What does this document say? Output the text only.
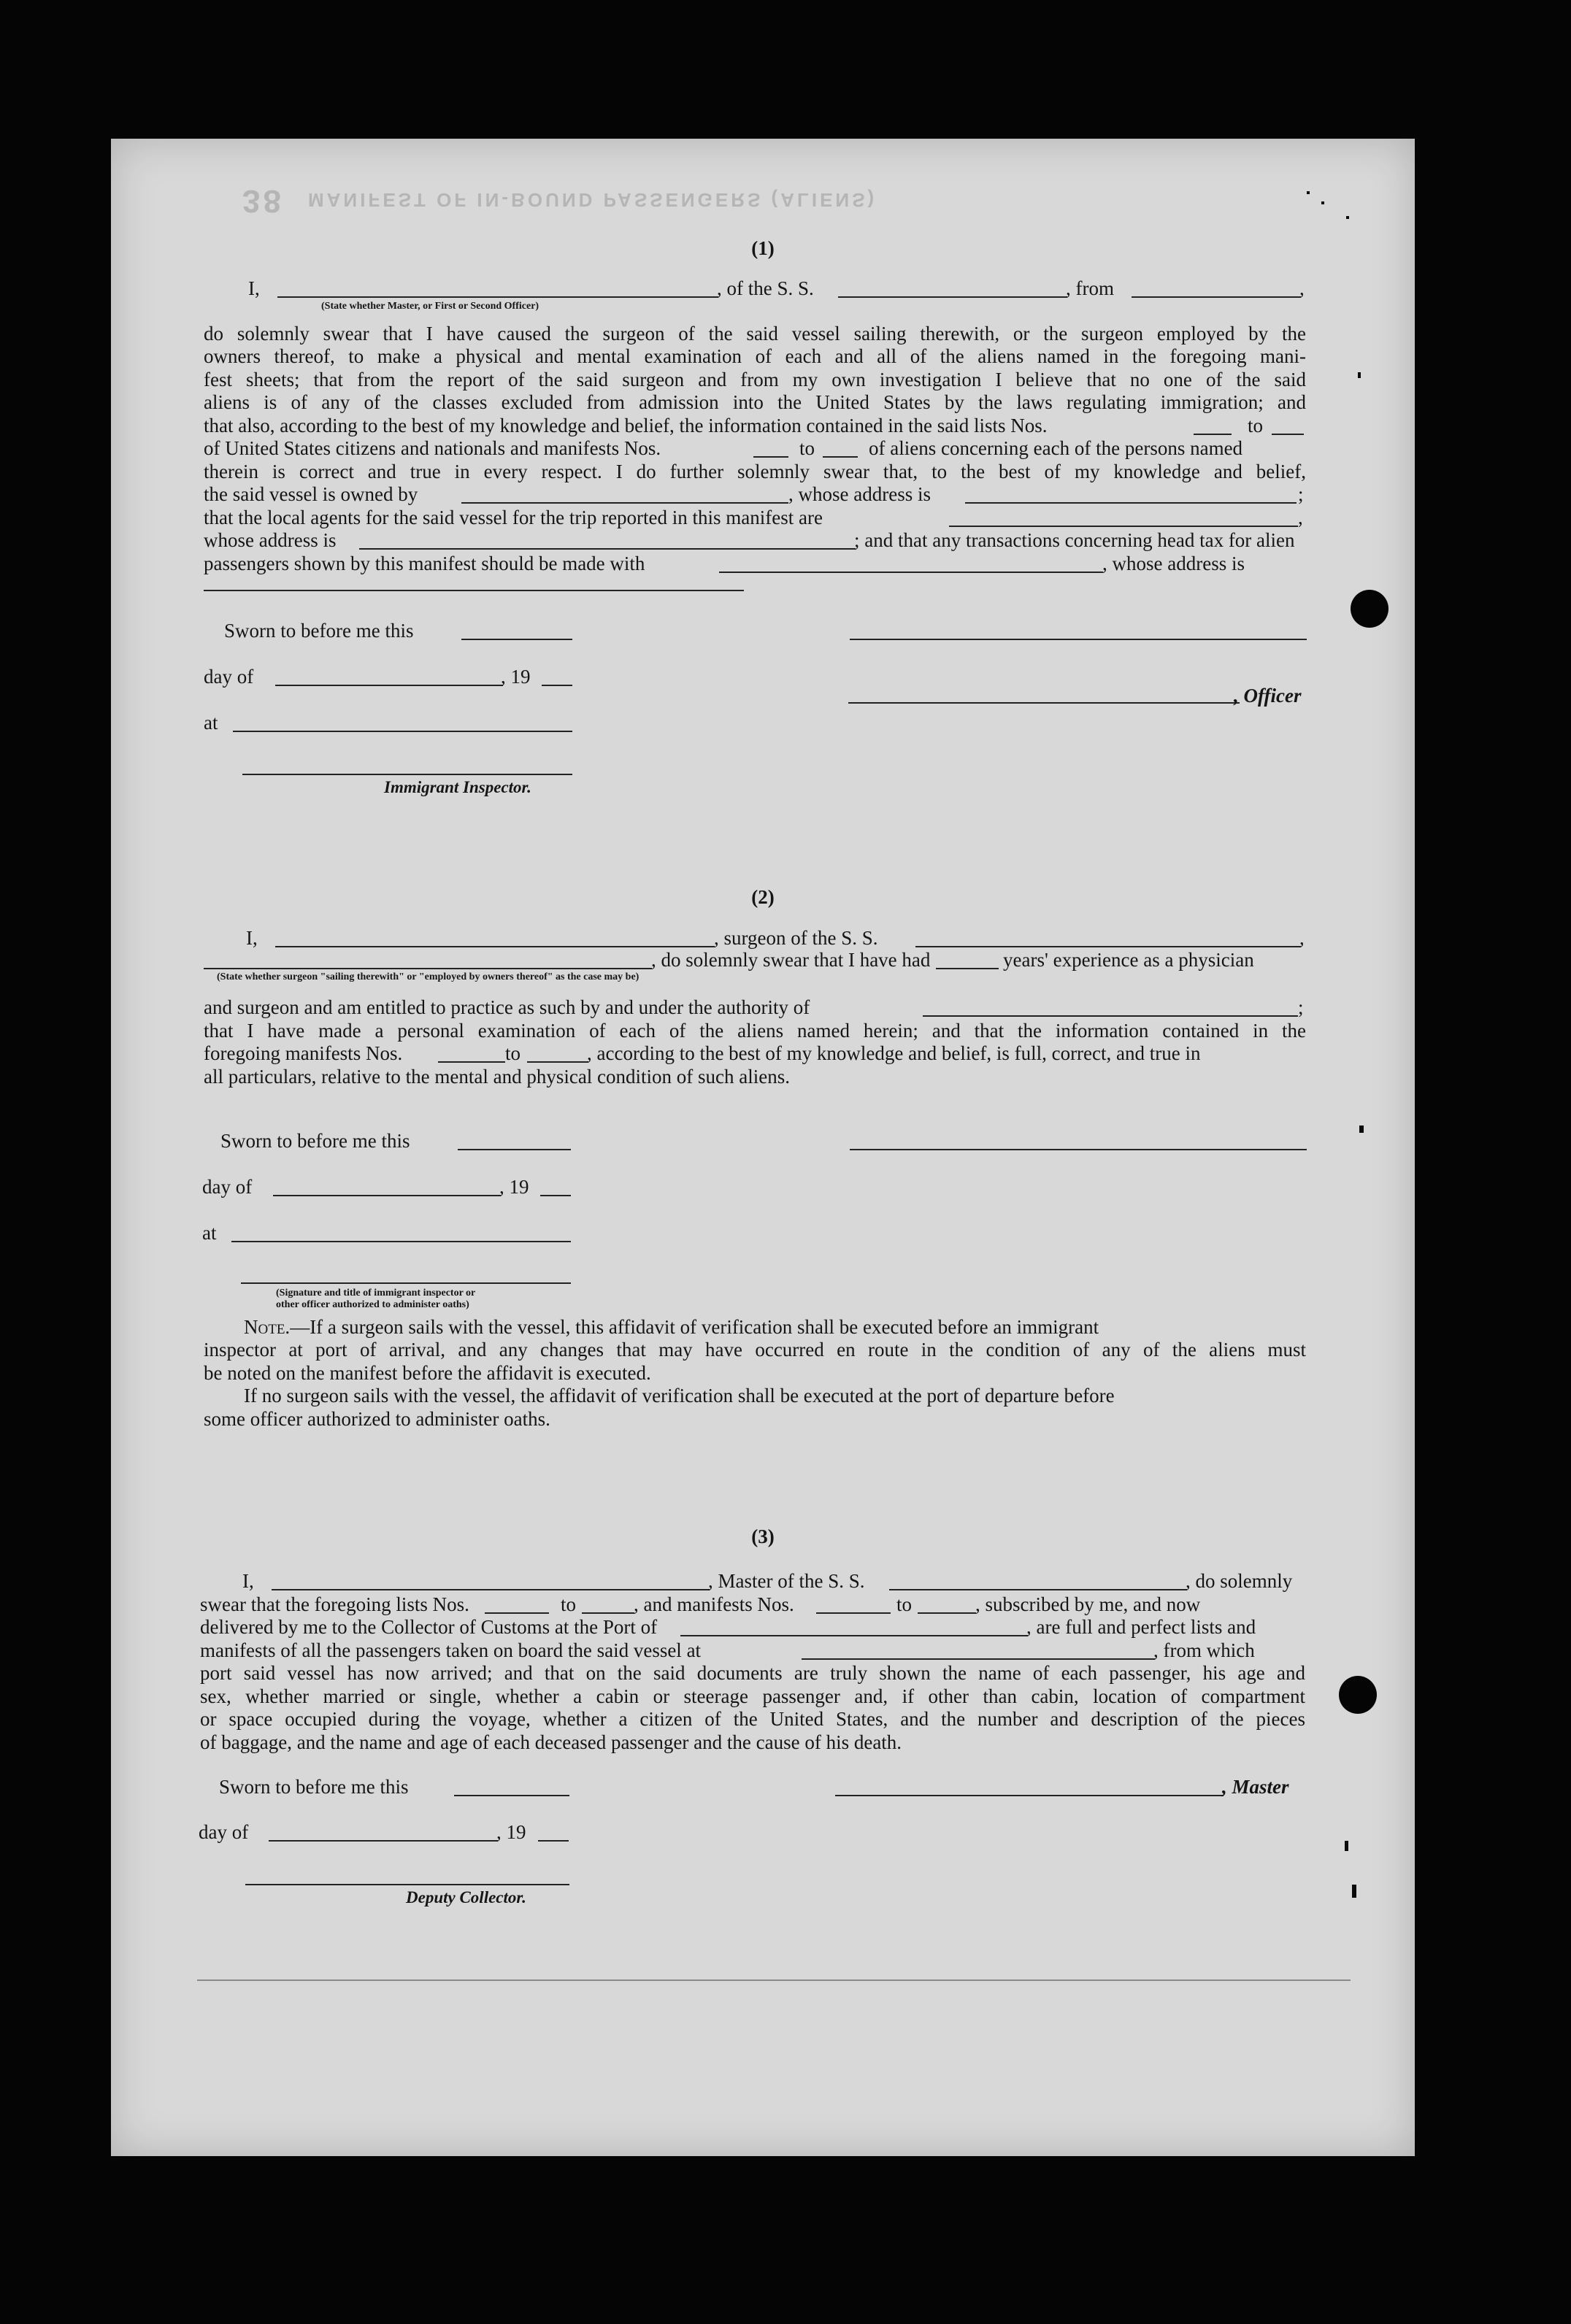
MANIFEST OF IN-BOUND PASSENGERS (ALIENS)
38
(1)
I,	, of the S. S.	, from	,
(State whether Master, or First or Second Officer)
do solemnly swear that I have caused the surgeon of the said vessel sailing therewith, or the surgeon employed by the
owners thereof, to make a physical and mental examination of each and all of the aliens named in the foregoing mani-
fest sheets; that from the report of the said surgeon and from my own investigation I believe that no one of the said
aliens is of any of the classes excluded from admission into the United States by the laws regulating immigration; and
that also, according to the best of my knowledge and belief, the information contained in the said lists Nos.	to
of United States citizens and nationals and manifests Nos.	to	of aliens concerning each of the persons named
therein is correct and true in every respect. I do further solemnly swear that, to the best of my knowledge and belief,
the said vessel is owned by	, whose address is	;
that the local agents for the said vessel for the trip reported in this manifest are	,
whose address is	; and that any transactions concerning head tax for alien
passengers shown by this manifest should be made with	, whose address is
Sworn to before me this
day of	, 19
, Officer
at
Immigrant Inspector.
(2)
I,	, surgeon of the S. S.	,
, do solemnly swear that I have had	years' experience as a physician
(State whether surgeon "sailing therewith" or "employed by owners thereof" as the case may be)
and surgeon and am entitled to practice as such by and under the authority of	;
that I have made a personal examination of each of the aliens named herein; and that the information contained in the
foregoing manifests Nos.	to	, according to the best of my knowledge and belief, is full, correct, and true in
all particulars, relative to the mental and physical condition of such aliens.
Sworn to before me this
day of	, 19
at
(Signature and title of immigrant inspector or
other officer authorized to administer oaths)
Note.—If a surgeon sails with the vessel, this affidavit of verification shall be executed before an immigrant
inspector at port of arrival, and any changes that may have occurred en route in the condition of any of the aliens must
be noted on the manifest before the affidavit is executed.
If no surgeon sails with the vessel, the affidavit of verification shall be executed at the port of departure before
some officer authorized to administer oaths.
(3)
I,	, Master of the S. S.	, do solemnly
swear that the foregoing lists Nos.	to	, and manifests Nos.	to	, subscribed by me, and now
delivered by me to the Collector of Customs at the Port of	, are full and perfect lists and
manifests of all the passengers taken on board the said vessel at	, from which
port said vessel has now arrived; and that on the said documents are truly shown the name of each passenger, his age and
sex, whether married or single, whether a cabin or steerage passenger and, if other than cabin, location of compartment
or space occupied during the voyage, whether a citizen of the United States, and the number and description of the pieces
of baggage, and the name and age of each deceased passenger and the cause of his death.
Sworn to before me this	, Master
day of	, 19
Deputy Collector.
